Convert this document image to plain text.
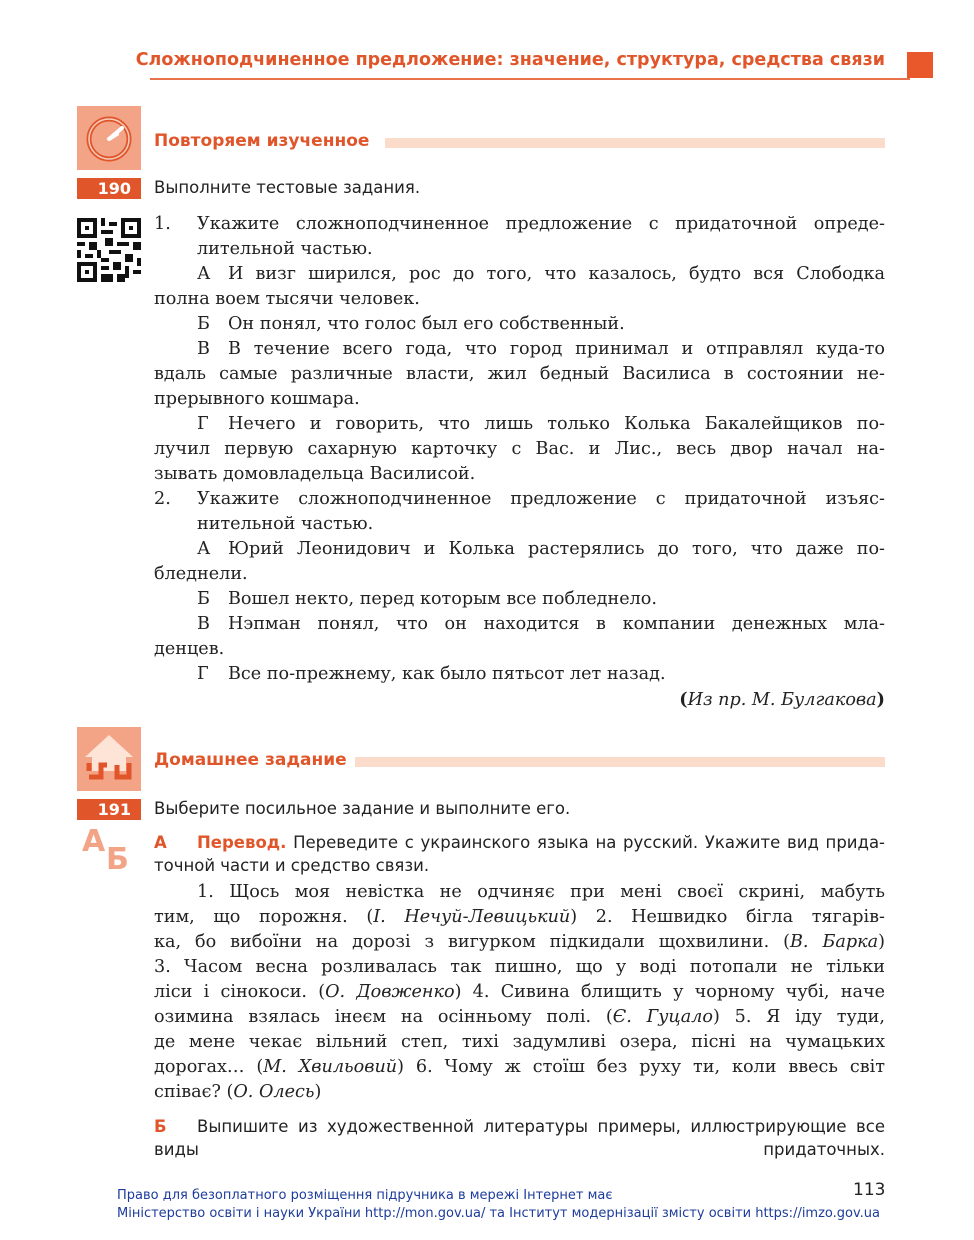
Сложноподчиненное предложение: значение, структура, средства связи
190
Повторяем изученное
Выполните тестовые задания.
1.	Укажите сложноподчиненное предложение с придаточной опреде-
лительной частью.
А И визг ширился, рос до того, что казалось, будто вся Слободка
полна воем тысячи человек.
Б Он понял, что голос был его собственный.
В В течение всего года, что город принимал и отправлял куда-то
вдаль самые различные власти, жил бедный Василиса в состоянии не-
прерывного кошмара.
Г Нечего и говорить, что лишь только Колька Бакалейщиков по-
лучил первую сахарную карточку с Вас. и Лис., весь двор начал на-
зывать домовладельца Василисой.
2.	Укажите сложноподчиненное предложение с придаточной изъяс-
нительной частью.
А Юрий Леонидович и Колька растерялись до того, что даже по-
бледнели.
Б Вошел некто, перед которым все побледнело.
В Нэпман понял, что он находится в компании денежных мла-
денцев.
Г Все по-прежнему, как было пятьсот лет назад.
(Из пр. М. Булгакова)
191
А
Б
Домашнее задание
Выберите посильное задание и выполните его.
А Перевод. Переведите с украинского языка на русский. Укажите вид прида-
точной части и средство связи.
1. Щось моя невістка не одчиняє при мені своєї скрині, мабуть
тим, що порожня. (І. Нечуй-Левицький) 2. Нешвидко бігла тягарів-
ка, бо вибоїни на дорозі з вигурком підкидали щохвилини. (В. Барка)
3. Часом весна розливалась так пишно, що у воді потопали не тільки
ліси і сінокоси. (О. Довженко) 4. Сивина блищить у чорному чубі, наче
озимина взялась інеєм на осінньому полі. (Є. Гуцало) 5. Я іду туди,
де мене чекає вільний степ, тихі задумливі озера, пісні на чумацьких
дорогах… (М. Хвильовий) 6. Чому ж стоїш без руху ти, коли ввесь світ
співає? (О. Олесь)
Б Выпишите из художественной литературы примеры, иллюстрирующие все
виды придаточных.
113
Право для безоплатного розміщення підручника в мережі Інтернет має
Міністерство освіти і науки України http://mon.gov.ua/ та Інститут модернізації змісту освіти https://imzo.gov.ua
